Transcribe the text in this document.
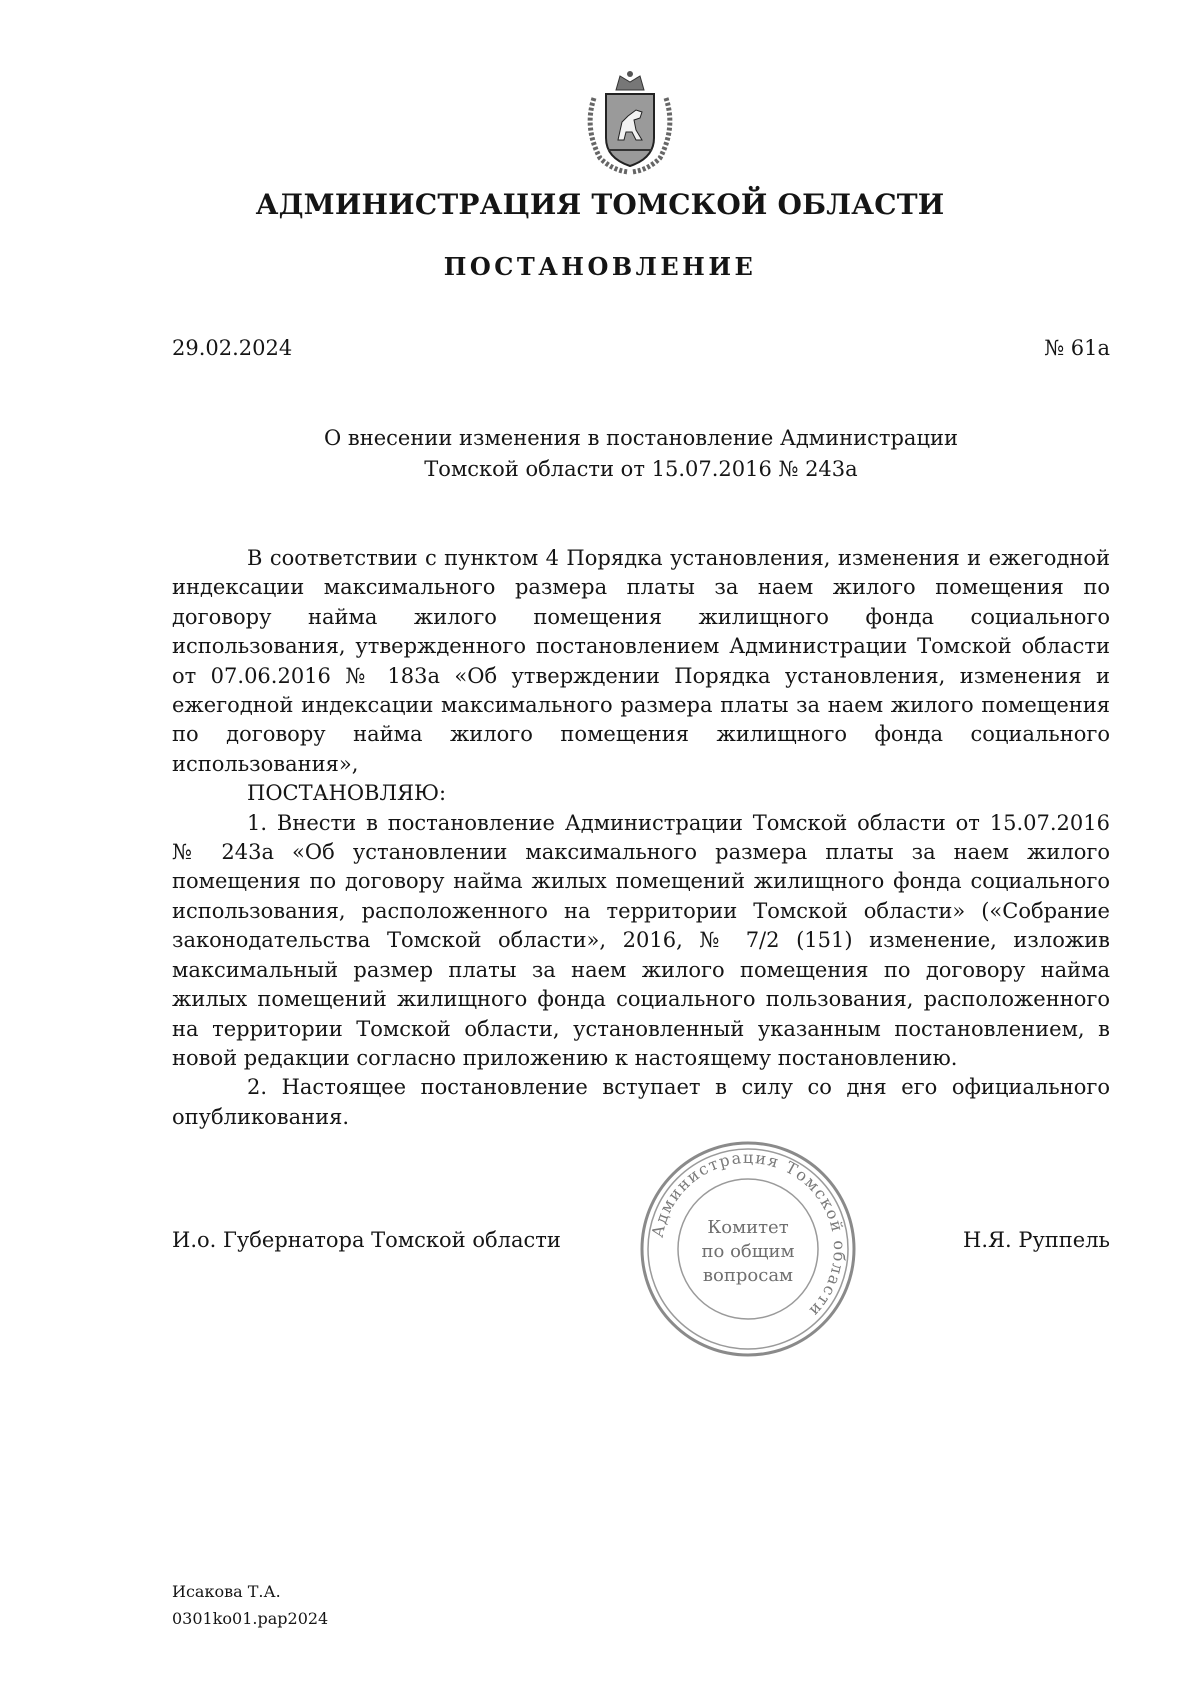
АДМИНИСТРАЦИЯ ТОМСКОЙ ОБЛАСТИ
ПОСТАНОВЛЕНИЕ
29.02.2024	№ 61а
О внесении изменения в постановление Администрации
Томской области от 15.07.2016 № 243а

В соответствии с пунктом 4 Порядка установления, изменения и ежегодной индексации максимального размера платы за наем жилого помещения по договору найма жилого помещения жилищного фонда социального использования, утвержденного постановлением Администрации Томской области от 07.06.2016 № 183а «Об утверждении Порядка установления, изменения и ежегодной индексации максимального размера платы за наем жилого помещения по договору найма жилого помещения жилищного фонда социального использования»,

ПОСТАНОВЛЯЮ:

1. Внести в постановление Администрации Томской области от 15.07.2016 № 243а «Об установлении максимального размера платы за наем жилого помещения по договору найма жилых помещений жилищного фонда социального использования, расположенного на территории Томской области» («Собрание законодательства Томской области», 2016, № 7/2 (151) изменение, изложив максимальный размер платы за наем жилого помещения по договору найма жилых помещений жилищного фонда социального пользования, расположенного на территории Томской области, установленный указанным постановлением, в новой редакции согласно приложению к настоящему постановлению.

2. Настоящее постановление вступает в силу со дня его официального опубликования.

И.о. Губернатора Томской области	Н.Я. Руппель
Администрация Томской области
Комитет
по общим
вопросам
Исакова Т.А.
0301ko01.pap2024
